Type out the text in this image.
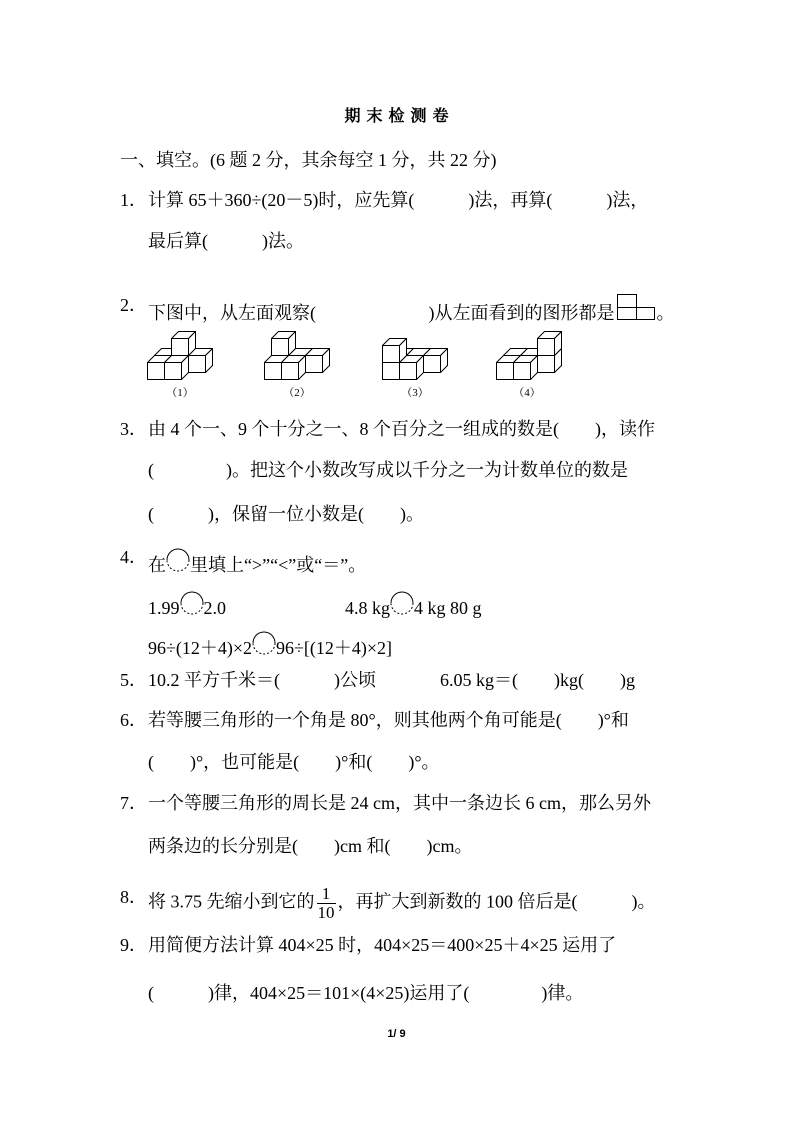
期末检测卷
一、填空。(6 题 2 分，其余每空 1 分，共 22 分)
1． 计算 65＋360÷(20－5)时，应先算(　　　)法，再算(　　　)法，
最后算(　　　)法。
2． 下图中，从左面观察(　　　　　　 )从左面看到的图形都是 。
（1）	（2）	（3）	（4）
3． 由 4 个一、9 个十分之一、8 个百分之一组成的数是(　　)，读作
(　　　　)。把这个小数改写成以千分之一为计数单位的数是
(　　　)，保留一位小数是(　　)。
4． 在 里填上“>”“<”或“＝”。
1.99 2.0	4.8 kg 4 kg 80 g
96÷(12＋4)×2 96÷[(12＋4)×2]
5． 10.2 平方千米＝(　　　)公顷	6.05 kg＝(　　)kg(　　)g
6． 若等腰三角形的一个角是 80°，则其他两个角可能是(　　)°和
(　　)°，也可能是(　　)°和(　　)°。
7． 一个等腰三角形的周长是 24 cm，其中一条边长 6 cm，那么另外
两条边的长分别是(　　)cm 和(　　)cm。
8． 将 3.75 先缩小到它的 $\frac{1}{10}$ ，再扩大到新数的 100 倍后是(　　　)。
9． 用简便方法计算 404×25 时，404×25＝400×25＋4×25 运用了
(　　　)律，404×25＝101×(4×25)运用了(　　　　)律。
1/ 9
